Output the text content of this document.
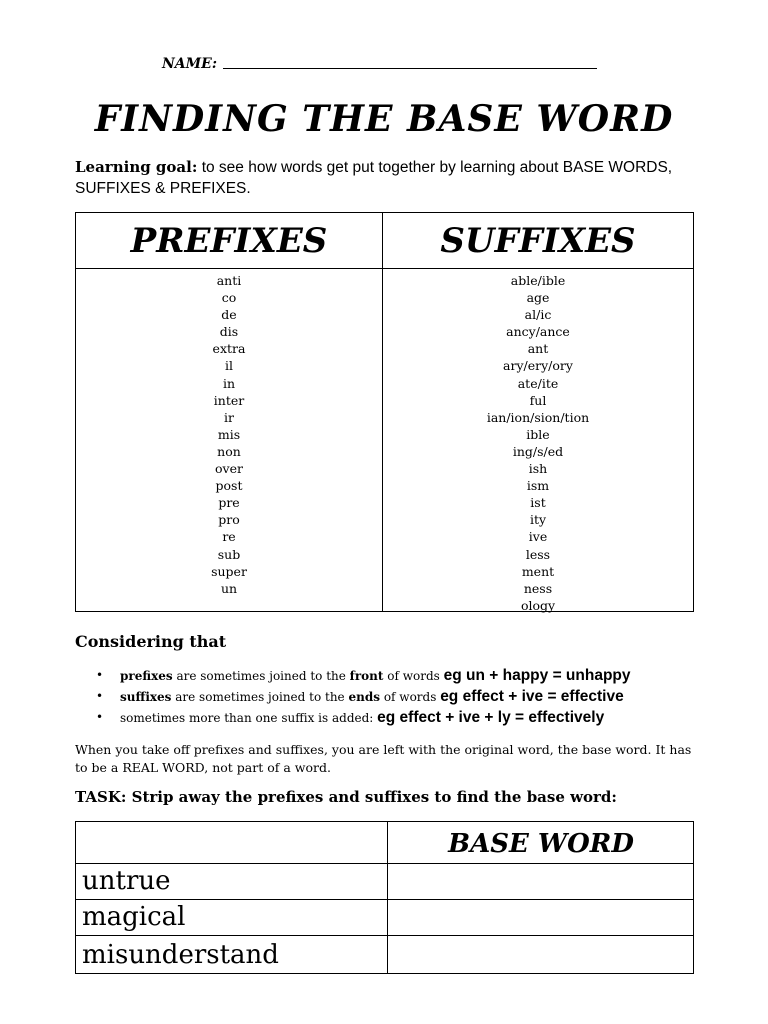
NAME:
FINDING THE BASE WORD
Learning goal: to see how words get put together by learning about BASE WORDS, SUFFIXES & PREFIXES.
PREFIXES	SUFFIXES
anti
co
de
dis
extra
il
in
inter
ir
mis
non
over
post
pre
pro
re
sub
super
un
able/ible
age
al/ic
ancy/ance
ant
ary/ery/ory
ate/ite
ful
ian/ion/sion/tion
ible
ing/s/ed
ish
ism
ist
ity
ive
less
ment
ness
ology
Considering that
• prefixes are sometimes joined to the front of words eg un + happy = unhappy
• suffixes are sometimes joined to the ends of words eg effect + ive = effective
• sometimes more than one suffix is added: eg effect + ive + ly = effectively
When you take off prefixes and suffixes, you are left with the original word, the base word. It has to be a REAL WORD, not part of a word.
TASK: Strip away the prefixes and suffixes to find the base word:
BASE WORD
untrue
magical
misunderstand
